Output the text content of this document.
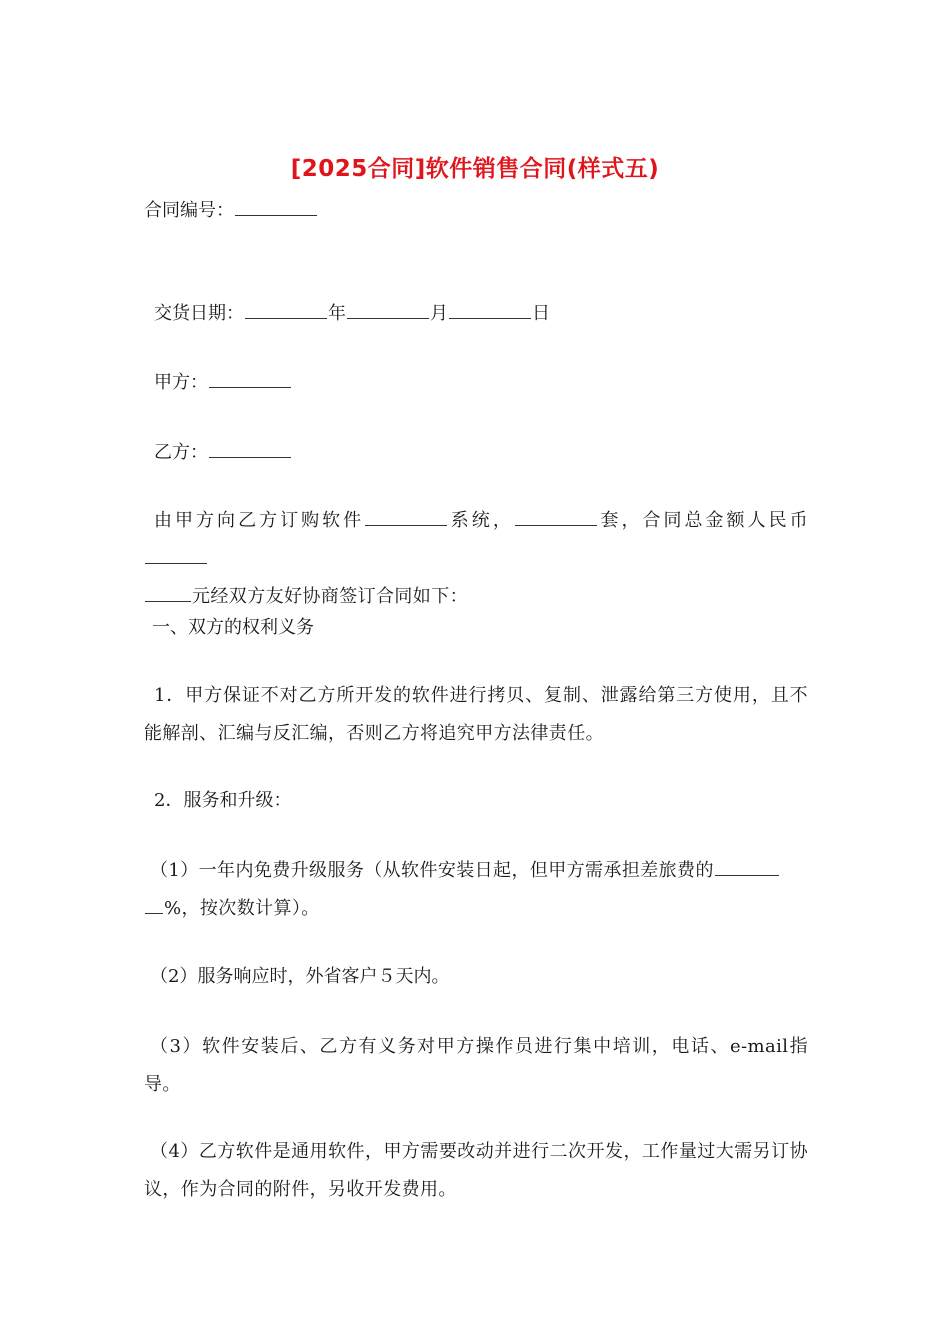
[2025合同]软件销售合同(样式五)
合同编号：
交货日期：	年	月	日
甲方：
乙方：
由甲方向乙方订购软件	系统，	套，合同总金额人民币
元经双方友好协商签订合同如下：
一、双方的权利义务
1．甲方保证不对乙方所开发的软件进行拷贝、复制、泄露给第三方使用，且不能解剖、汇编与反汇编，否则乙方将追究甲方法律责任。
2．服务和升级：
（1）一年内免费升级服务（从软件安装日起，但甲方需承担差旅费的
%，按次数计算）。
（2）服务响应时，外省客户５天内。
（3）软件安装后、乙方有义务对甲方操作员进行集中培训，电话、e-mail指导。
（4）乙方软件是通用软件，甲方需要改动并进行二次开发，工作量过大需另订协议，作为合同的附件，另收开发费用。
